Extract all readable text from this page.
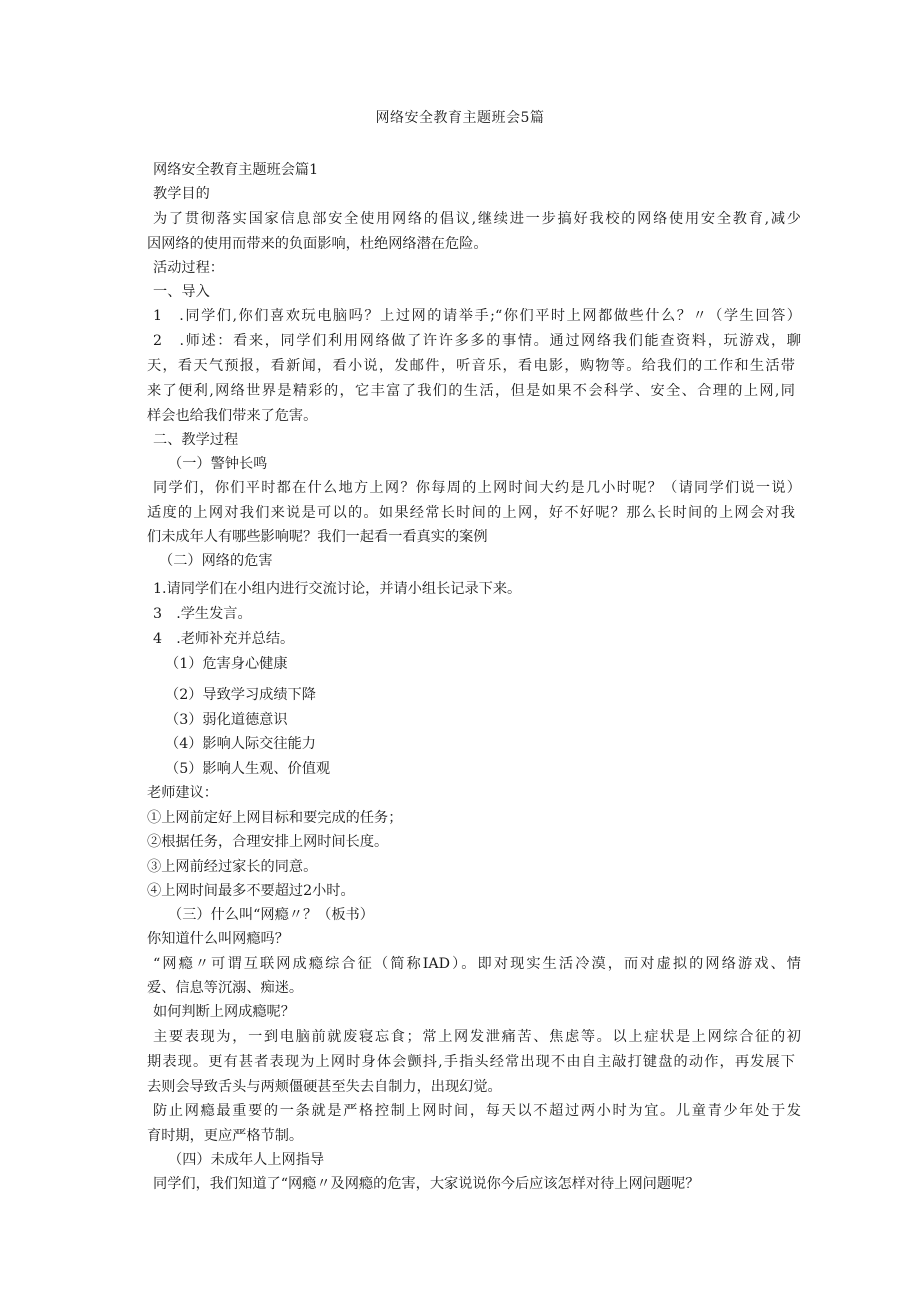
网络安全教育主题班会5篇
网络安全教育主题班会篇1
教学目的
为了贯彻落实国家信息部安全使用网络的倡议,继续进一步搞好我校的网络使用安全教育,减少
因网络的使用而带来的负面影响，杜绝网络潜在危险。
活动过程：
一、导入
1　.同学们,你们喜欢玩电脑吗？上过网的请举手;“你们平时上网都做些什么？〃（学生回答）
2　.师述：看来，同学们利用网络做了许许多多的事情。通过网络我们能查资料，玩游戏，聊
天，看天气预报，看新闻，看小说，发邮件，听音乐，看电影，购物等。给我们的工作和生活带
来了便利,网络世界是精彩的，它丰富了我们的生活，但是如果不会科学、安全、合理的上网,同
样会也给我们带来了危害。
二、教学过程
（一）警钟长鸣
同学们，你们平时都在什么地方上网？你每周的上网时间大约是几小时呢？（请同学们说一说）
适度的上网对我们来说是可以的。如果经常长时间的上网，好不好呢？那么长时间的上网会对我
们未成年人有哪些影响呢？我们一起看一看真实的案例
（二）网络的危害
1.请同学们在小组内进行交流讨论，并请小组长记录下来。
3　.学生发言。
4　.老师补充并总结。
（1）危害身心健康
（2）导致学习成绩下降
（3）弱化道德意识
（4）影响人际交往能力
（5）影响人生观、价值观
老师建议：
①上网前定好上网目标和要完成的任务；
②根据任务，合理安排上网时间长度。
③上网前经过家长的同意。
④上网时间最多不要超过2小时。
（三）什么叫“网瘾〃？（板书）
你知道什么叫网瘾吗？
“网瘾〃可谓互联网成瘾综合征（简称IAD）。即对现实生活冷漠，而对虚拟的网络游戏、情
爱、信息等沉溺、痴迷。
如何判断上网成瘾呢？
主要表现为，一到电脑前就废寝忘食；常上网发泄痛苦、焦虑等。以上症状是上网综合征的初
期表现。更有甚者表现为上网时身体会颤抖,手指头经常出现不由自主敲打键盘的动作，再发展下
去则会导致舌头与两颊僵硬甚至失去自制力，出现幻觉。
防止网瘾最重要的一条就是严格控制上网时间，每天以不超过两小时为宜。儿童青少年处于发
育时期，更应严格节制。
（四）未成年人上网指导
同学们，我们知道了“网瘾〃及网瘾的危害，大家说说你今后应该怎样对待上网问题呢？
